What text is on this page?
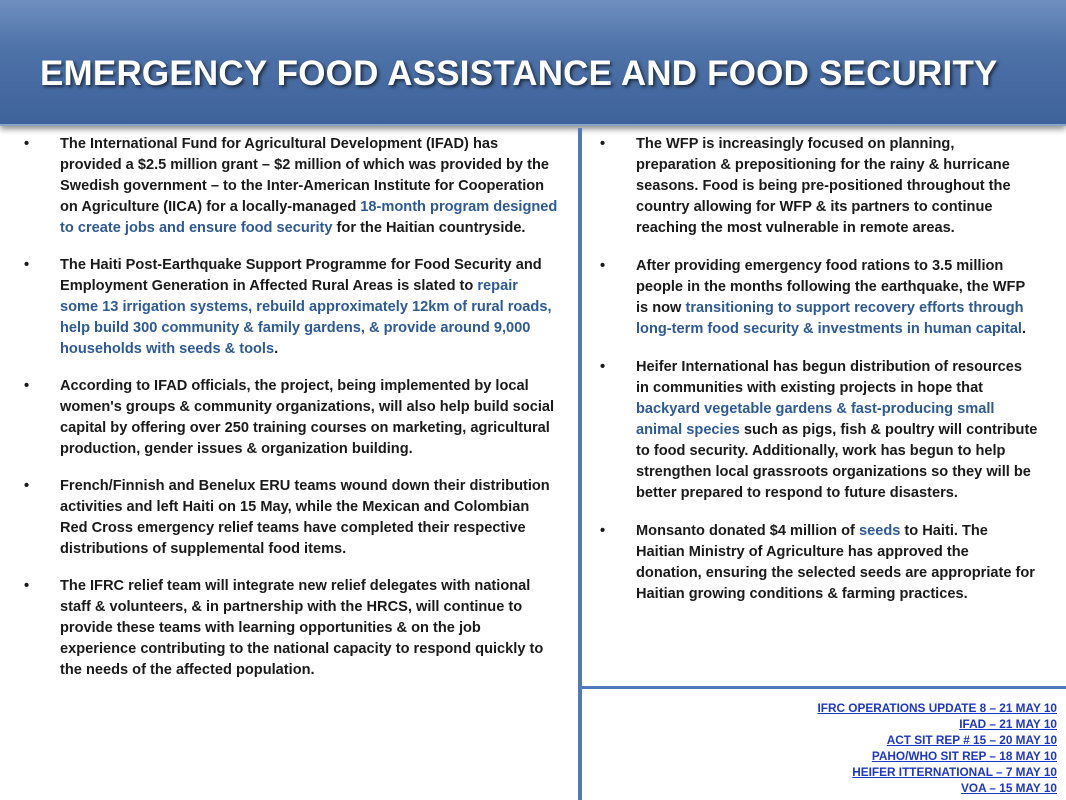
EMERGENCY FOOD ASSISTANCE AND FOOD SECURITY
•	The International Fund for Agricultural Development (IFAD) has provided a $2.5 million grant – $2 million of which was provided by the Swedish government – to the Inter-American Institute for Cooperation on Agriculture (IICA) for a locally-managed 18-month program designed to create jobs and ensure food security for the Haitian countryside.
•	The Haiti Post-Earthquake Support Programme for Food Security and Employment Generation in Affected Rural Areas is slated to repair some 13 irrigation systems, rebuild approximately 12km of rural roads, help build 300 community & family gardens, & provide around 9,000 households with seeds & tools.
•	According to IFAD officials, the project, being implemented by local women's groups & community organizations, will also help build social capital by offering over 250 training courses on marketing, agricultural production, gender issues & organization building.
•	French/Finnish and Benelux ERU teams wound down their distribution activities and left Haiti on 15 May, while the Mexican and Colombian Red Cross emergency relief teams have completed their respective distributions of supplemental food items.
•	The IFRC relief team will integrate new relief delegates with national staff & volunteers, & in partnership with the HRCS, will continue to provide these teams with learning opportunities & on the job experience contributing to the national capacity to respond quickly to the needs of the affected population.
•	The WFP is increasingly focused on planning, preparation & prepositioning for the rainy & hurricane seasons. Food is being pre-positioned throughout the country allowing for WFP & its partners to continue reaching the most vulnerable in remote areas.
•	After providing emergency food rations to 3.5 million people in the months following the earthquake, the WFP is now transitioning to support recovery efforts through long-term food security & investments in human capital.
•	Heifer International has begun distribution of resources in communities with existing projects in hope that backyard vegetable gardens & fast-producing small animal species such as pigs, fish & poultry will contribute to food security. Additionally, work has begun to help strengthen local grassroots organizations so they will be better prepared to respond to future disasters.
•	Monsanto donated $4 million of seeds to Haiti. The Haitian Ministry of Agriculture has approved the donation, ensuring the selected seeds are appropriate for Haitian growing conditions & farming practices.
IFRC OPERATIONS UPDATE 8 – 21 MAY 10
IFAD – 21 MAY 10
ACT SIT REP # 15 – 20 MAY 10
PAHO/WHO SIT REP – 18 MAY 10
HEIFER ITTERNATIONAL – 7 MAY 10
VOA – 15 MAY 10
